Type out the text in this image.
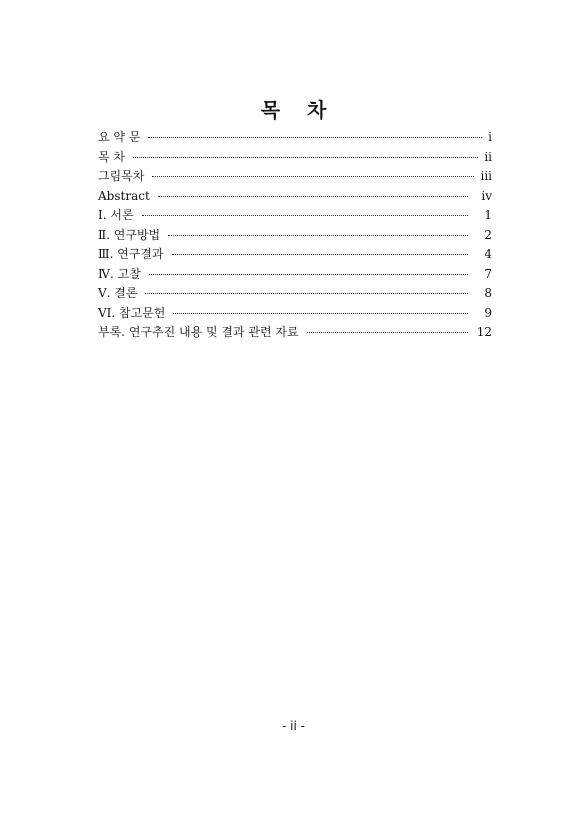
목 차
요 약 문	i
목 차	ii
그림목차	iii
Abstract	iv
Ⅰ. 서론	1
Ⅱ. 연구방법	2
Ⅲ. 연구결과	4
Ⅳ. 고찰	7
Ⅴ. 결론	8
VI. 참고문헌	9
부록. 연구추진 내용 및 결과 관련 자료	12
- ii -
